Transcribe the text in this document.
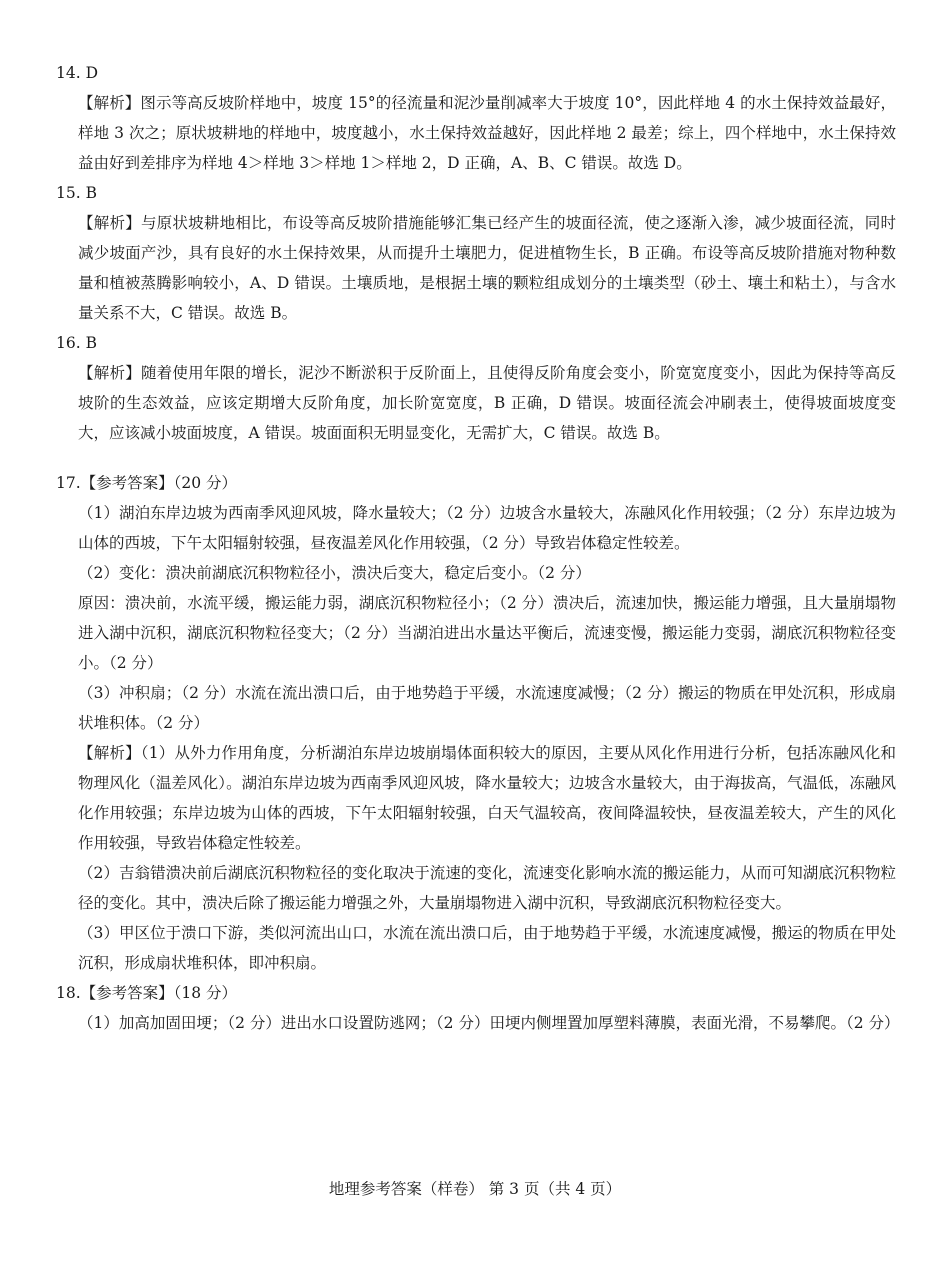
14. D

【解析】图示等高反坡阶样地中，坡度 15°的径流量和泥沙量削减率大于坡度 10°，因此样地 4 的水土保持效益最好，样地 3 次之；原状坡耕地的样地中，坡度越小，水土保持效益越好，因此样地 2 最差；综上，四个样地中，水土保持效益由好到差排序为样地 4＞样地 3＞样地 1＞样地 2，D 正确，A、B、C 错误。故选 D。

15. B

【解析】与原状坡耕地相比，布设等高反坡阶措施能够汇集已经产生的坡面径流，使之逐渐入渗，减少坡面径流，同时减少坡面产沙，具有良好的水土保持效果，从而提升土壤肥力，促进植物生长，B 正确。布设等高反坡阶措施对物种数量和植被蒸腾影响较小，A、D 错误。土壤质地，是根据土壤的颗粒组成划分的土壤类型（砂土、壤土和粘土），与含水量关系不大，C 错误。故选 B。

16. B

【解析】随着使用年限的增长，泥沙不断淤积于反阶面上，且使得反阶角度会变小，阶宽宽度变小，因此为保持等高反坡阶的生态效益，应该定期增大反阶角度，加长阶宽宽度，B 正确，D 错误。坡面径流会冲刷表土，使得坡面坡度变大，应该减小坡面坡度，A 错误。坡面面积无明显变化，无需扩大，C 错误。故选 B。

17.【参考答案】（20 分）

（1）湖泊东岸边坡为西南季风迎风坡，降水量较大；（2 分）边坡含水量较大，冻融风化作用较强；（2 分）东岸边坡为山体的西坡，下午太阳辐射较强，昼夜温差风化作用较强，（2 分）导致岩体稳定性较差。

（2）变化：溃决前湖底沉积物粒径小，溃决后变大，稳定后变小。（2 分）

原因：溃决前，水流平缓，搬运能力弱，湖底沉积物粒径小；（2 分）溃决后，流速加快，搬运能力增强，且大量崩塌物进入湖中沉积，湖底沉积物粒径变大；（2 分）当湖泊进出水量达平衡后，流速变慢，搬运能力变弱，湖底沉积物粒径变小。（2 分）

（3）冲积扇；（2 分）水流在流出溃口后，由于地势趋于平缓，水流速度减慢；（2 分）搬运的物质在甲处沉积，形成扇状堆积体。（2 分）

【解析】（1）从外力作用角度，分析湖泊东岸边坡崩塌体面积较大的原因，主要从风化作用进行分析，包括冻融风化和物理风化（温差风化）。湖泊东岸边坡为西南季风迎风坡，降水量较大；边坡含水量较大，由于海拔高，气温低，冻融风化作用较强；东岸边坡为山体的西坡，下午太阳辐射较强，白天气温较高，夜间降温较快，昼夜温差较大，产生的风化作用较强，导致岩体稳定性较差。

（2）吉翁错溃决前后湖底沉积物粒径的变化取决于流速的变化，流速变化影响水流的搬运能力，从而可知湖底沉积物粒径的变化。其中，溃决后除了搬运能力增强之外，大量崩塌物进入湖中沉积，导致湖底沉积物粒径变大。

（3）甲区位于溃口下游，类似河流出山口，水流在流出溃口后，由于地势趋于平缓，水流速度减慢，搬运的物质在甲处沉积，形成扇状堆积体，即冲积扇。

18.【参考答案】（18 分）

（1）加高加固田埂；（2 分）进出水口设置防逃网；（2 分）田埂内侧埋置加厚塑料薄膜，表面光滑，不易攀爬。（2 分）

地理参考答案（样卷） 第 3 页（共 4 页）
